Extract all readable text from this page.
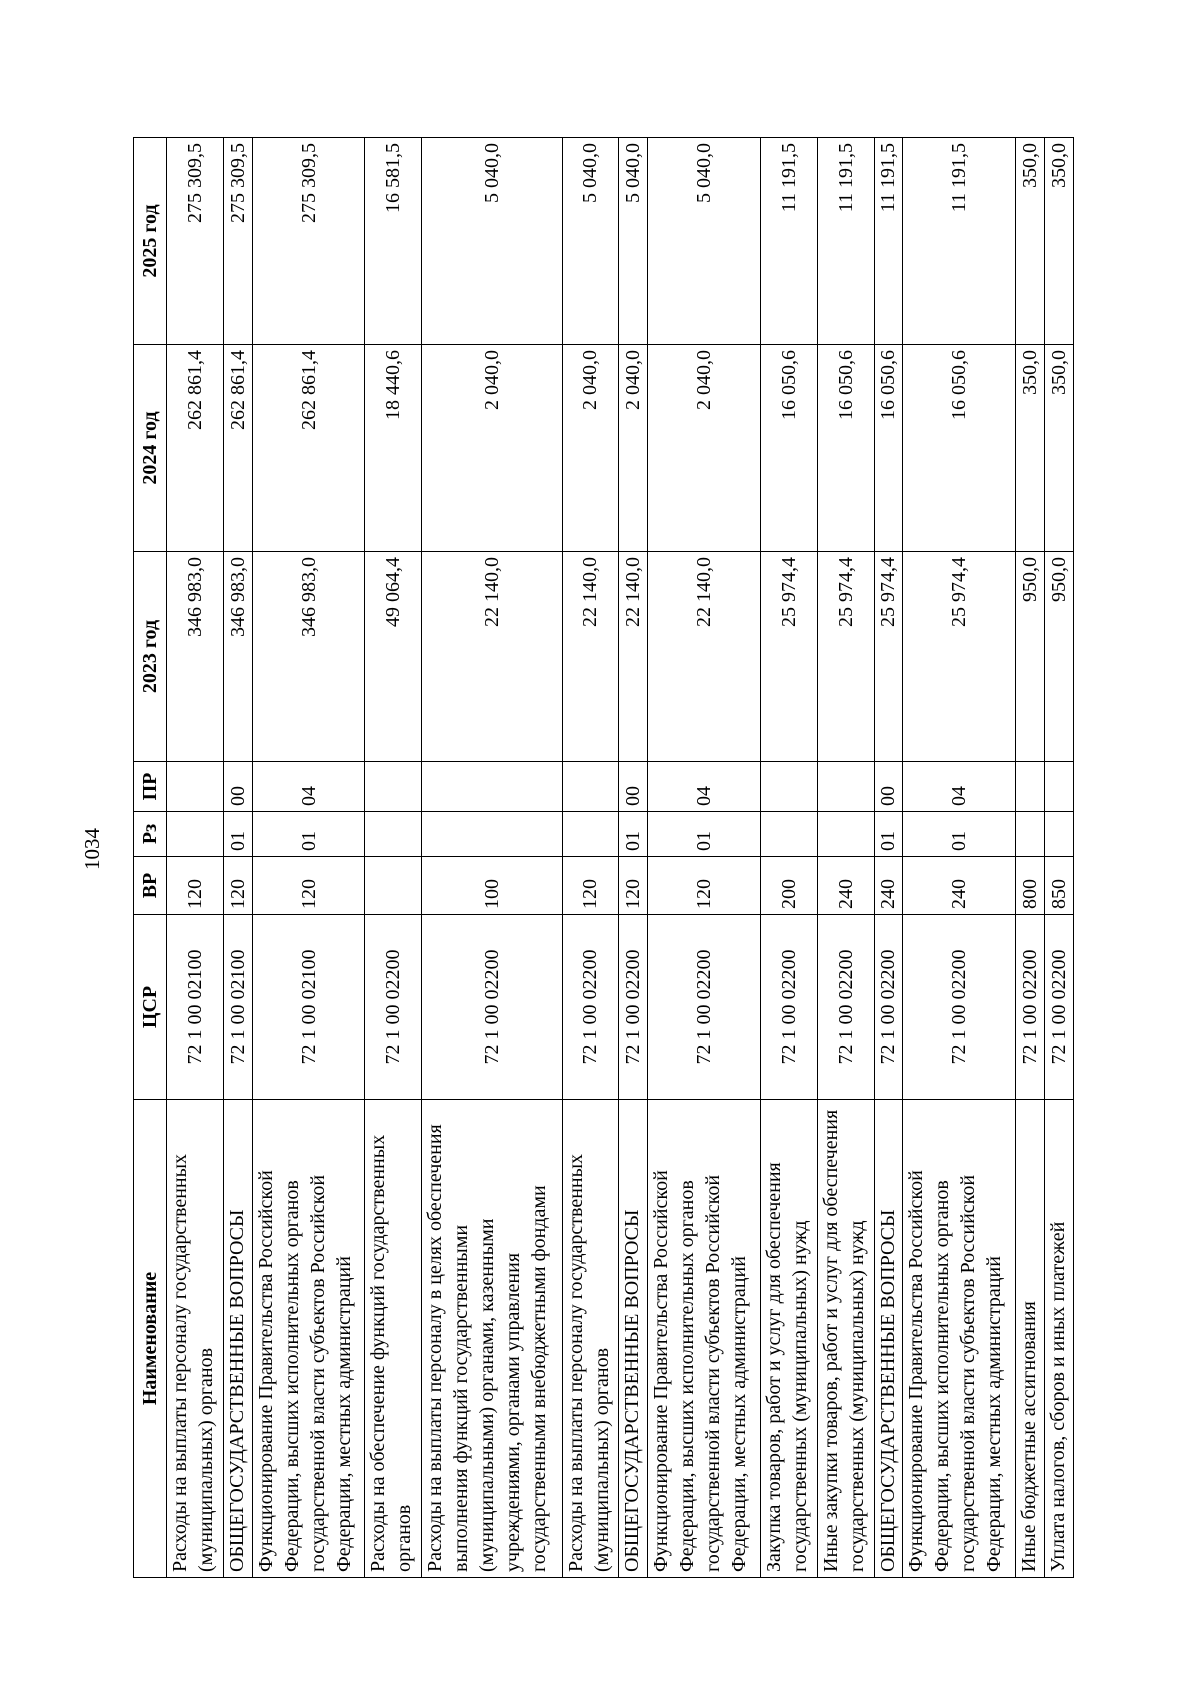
1034
Наименование	ЦСР	ВР	Рз	ПР	2023 год	2024 год	2025 год
Расходы на выплаты персоналу государственных (муниципальных) органов	72 1 00 02100	120			346 983,0	262 861,4	275 309,5
ОБЩЕГОСУДАРСТВЕННЫЕ ВОПРОСЫ	72 1 00 02100	120	01	00	346 983,0	262 861,4	275 309,5
Функционирование Правительства Российской Федерации, высших исполнительных органов государственной власти субъектов Российской Федерации, местных администраций	72 1 00 02100	120	01	04	346 983,0	262 861,4	275 309,5
Расходы на обеспечение функций государственных органов	72 1 00 02200				49 064,4	18 440,6	16 581,5
Расходы на выплаты персоналу в целях обеспечения выполнения функций государственными (муниципальными) органами, казенными учреждениями, органами управления государственными внебюджетными фондами	72 1 00 02200	100			22 140,0	2 040,0	5 040,0
Расходы на выплаты персоналу государственных (муниципальных) органов	72 1 00 02200	120			22 140,0	2 040,0	5 040,0
ОБЩЕГОСУДАРСТВЕННЫЕ ВОПРОСЫ	72 1 00 02200	120	01	00	22 140,0	2 040,0	5 040,0
Функционирование Правительства Российской Федерации, высших исполнительных органов государственной власти субъектов Российской Федерации, местных администраций	72 1 00 02200	120	01	04	22 140,0	2 040,0	5 040,0
Закупка товаров, работ и услуг для обеспечения государственных (муниципальных) нужд	72 1 00 02200	200			25 974,4	16 050,6	11 191,5
Иные закупки товаров, работ и услуг для обеспечения государственных (муниципальных) нужд	72 1 00 02200	240			25 974,4	16 050,6	11 191,5
ОБЩЕГОСУДАРСТВЕННЫЕ ВОПРОСЫ	72 1 00 02200	240	01	00	25 974,4	16 050,6	11 191,5
Функционирование Правительства Российской Федерации, высших исполнительных органов государственной власти субъектов Российской Федерации, местных администраций	72 1 00 02200	240	01	04	25 974,4	16 050,6	11 191,5
Иные бюджетные ассигнования	72 1 00 02200	800			950,0	350,0	350,0
Уплата налогов, сборов и иных платежей	72 1 00 02200	850			950,0	350,0	350,0
